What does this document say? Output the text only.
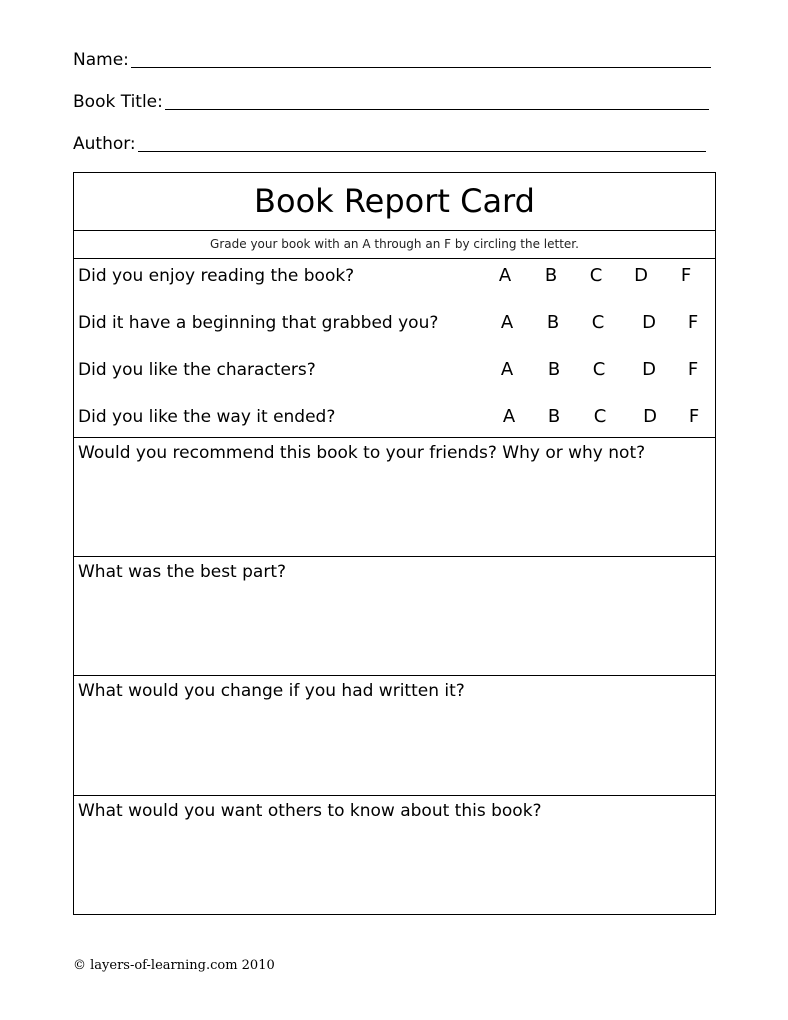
Name:
Book Title:
Author:
Book Report Card
Grade your book with an A through an F by circling the letter.
Did you enjoy reading the book?	A B C D F
Did it have a beginning that grabbed you?	A B C D F
Did you like the characters?	A B C D F
Did you like the way it ended?	A B C D F
Would you recommend this book to your friends? Why or why not?
What was the best part?
What would you change if you had written it?
What would you want others to know about this book?
© layers-of-learning.com 2010
